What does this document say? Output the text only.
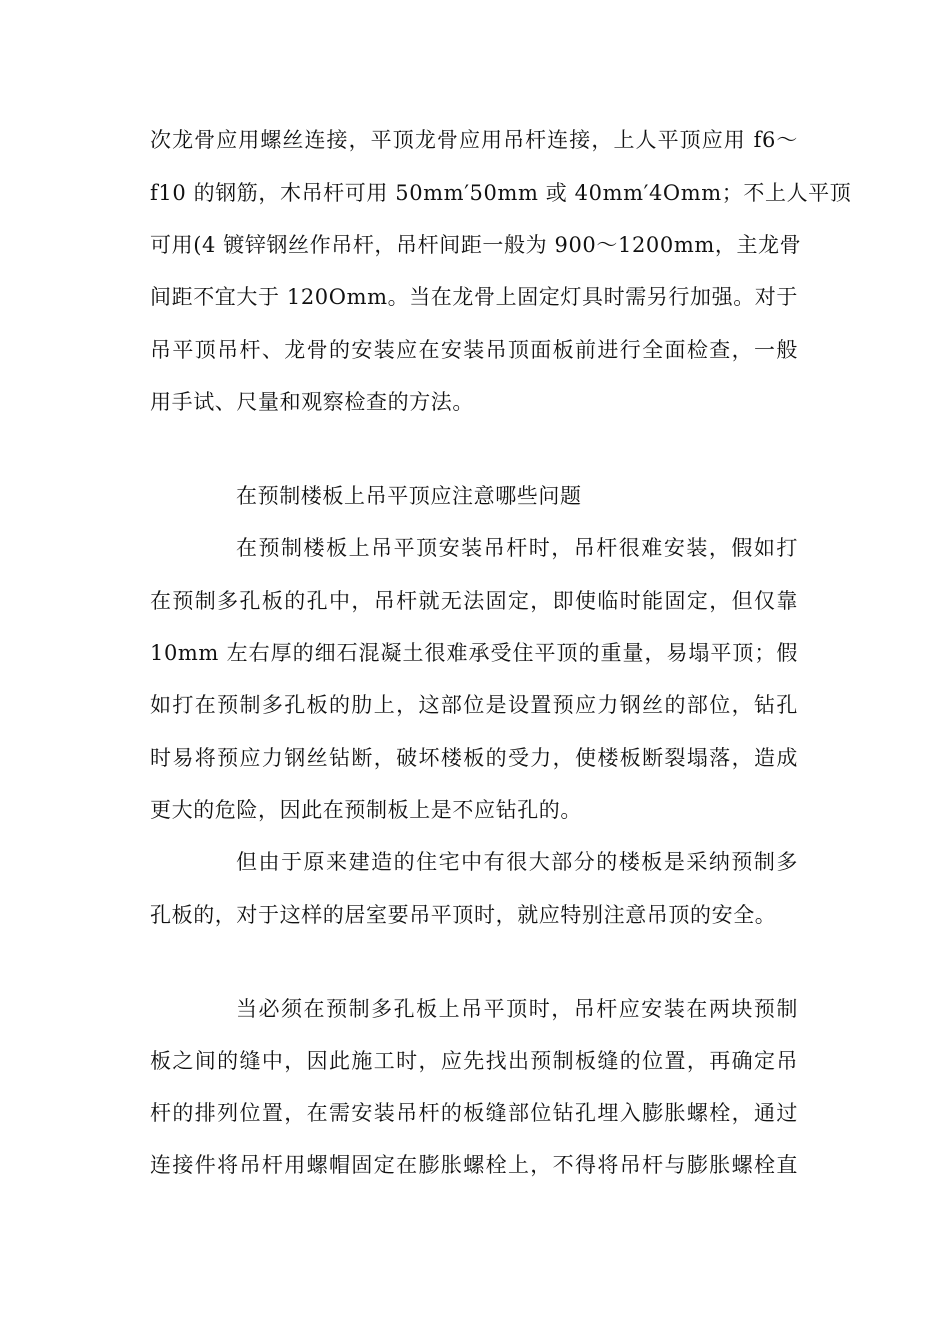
次龙骨应用螺丝连接，平顶龙骨应用吊杆连接，上人平顶应用 f6～
f10 的钢筋，木吊杆可用 50mm′50mm 或 40mm′4Omm；不上人平顶
可用(4 镀锌钢丝作吊杆，吊杆间距一般为 900～1200mm，主龙骨
间距不宜大于 120Omm。当在龙骨上固定灯具时需另行加强。对于
吊平顶吊杆、龙骨的安装应在安装吊顶面板前进行全面检查，一般
用手试、尺量和观察检查的方法。
在预制楼板上吊平顶应注意哪些问题
在预制楼板上吊平顶安装吊杆时，吊杆很难安装，假如打
在预制多孔板的孔中，吊杆就无法固定，即使临时能固定，但仅靠
10mm 左右厚的细石混凝土很难承受住平顶的重量，易塌平顶；假
如打在预制多孔板的肋上，这部位是设置预应力钢丝的部位，钻孔
时易将预应力钢丝钻断，破坏楼板的受力，使楼板断裂塌落，造成
更大的危险，因此在预制板上是不应钻孔的。
但由于原来建造的住宅中有很大部分的楼板是采纳预制多
孔板的，对于这样的居室要吊平顶时，就应特别注意吊顶的安全。
当必须在预制多孔板上吊平顶时，吊杆应安装在两块预制
板之间的缝中，因此施工时，应先找出预制板缝的位置，再确定吊
杆的排列位置，在需安装吊杆的板缝部位钻孔埋入膨胀螺栓，通过
连接件将吊杆用螺帽固定在膨胀螺栓上，不得将吊杆与膨胀螺栓直
